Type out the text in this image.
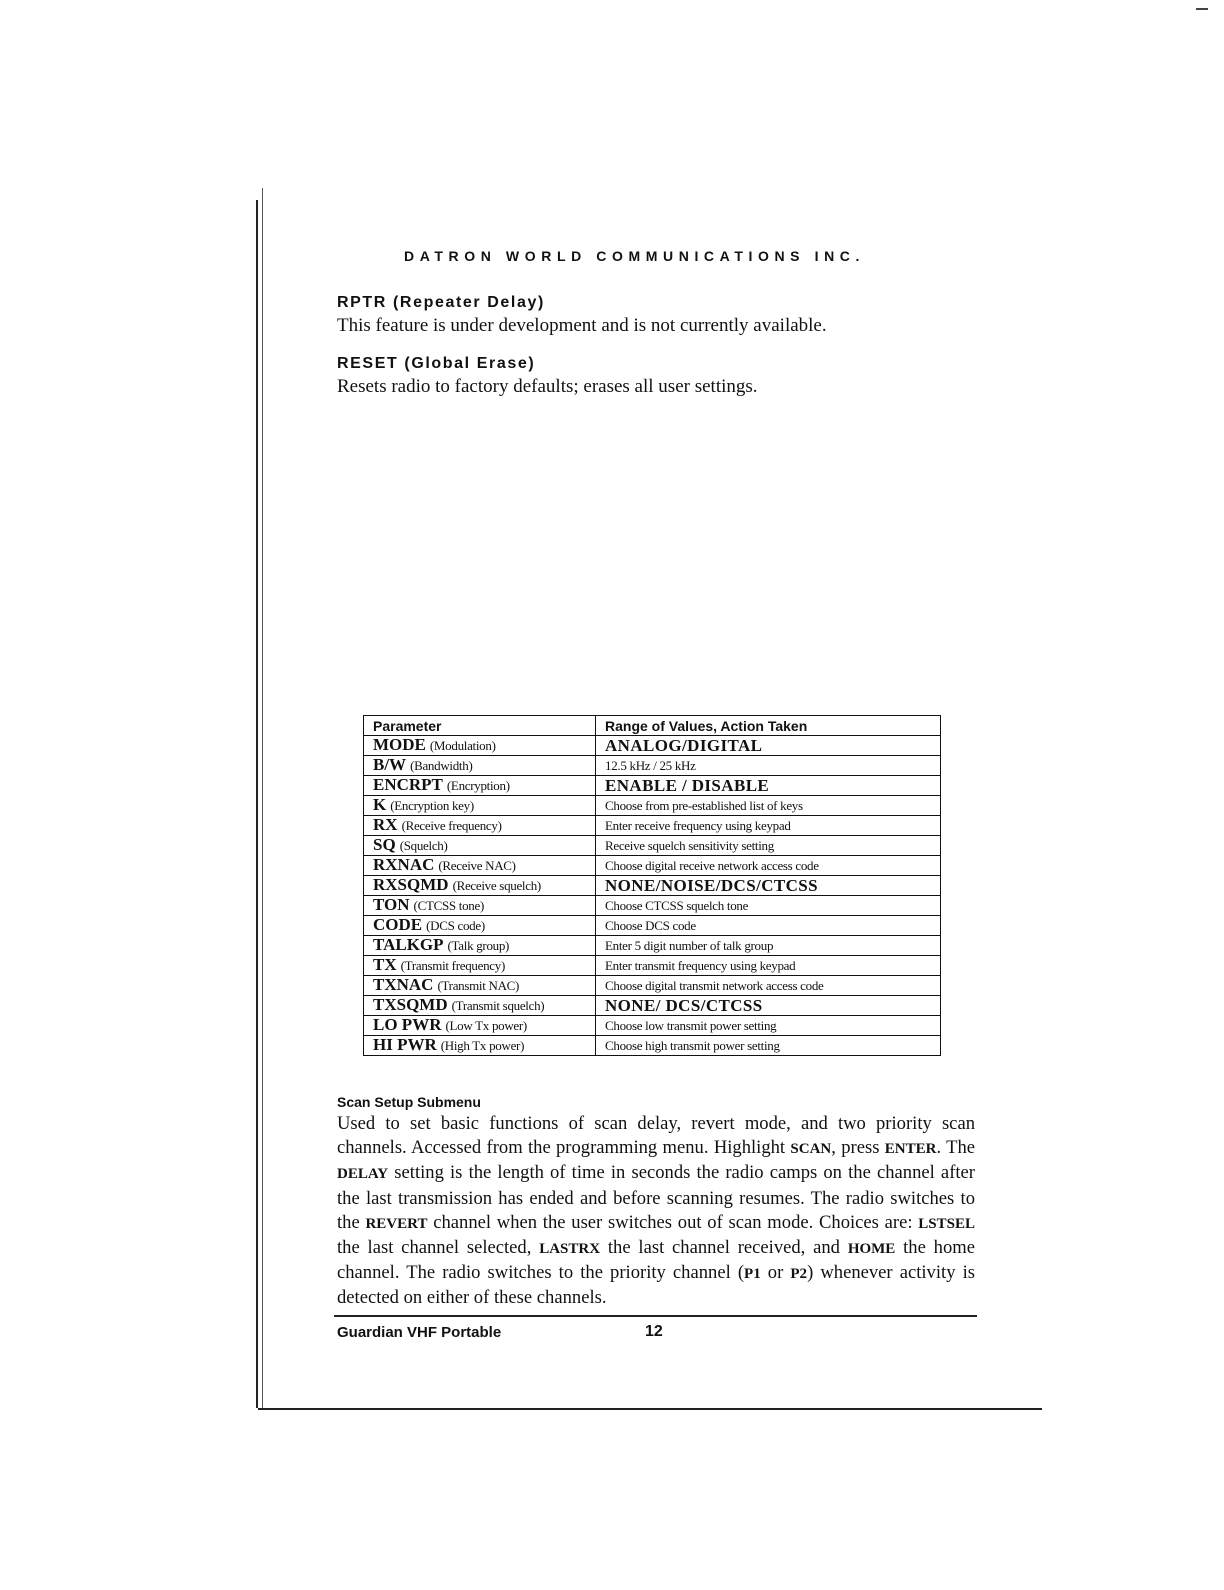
DATRON WORLD COMMUNICATIONS INC.
RPTR (Repeater Delay)
This feature is under development and is not currently available.
RESET (Global Erase)
Resets radio to factory defaults; erases all user settings.
Parameter	Range of Values, Action Taken
MODE (Modulation)	ANALOG/DIGITAL
B/W (Bandwidth)	12.5 kHz / 25 kHz
ENCRPT (Encryption)	ENABLE / DISABLE
K (Encryption key)	Choose from pre-established list of keys
RX (Receive frequency)	Enter receive frequency using keypad
SQ (Squelch)	Receive squelch sensitivity setting
RXNAC (Receive NAC)	Choose digital receive network access code
RXSQMD (Receive squelch)	NONE/NOISE/DCS/CTCSS
TON (CTCSS tone)	Choose CTCSS squelch tone
CODE (DCS code)	Choose DCS code
TALKGP (Talk group)	Enter 5 digit number of talk group
TX (Transmit frequency)	Enter transmit frequency using keypad
TXNAC (Transmit NAC)	Choose digital transmit network access code
TXSQMD (Transmit squelch)	NONE/ DCS/CTCSS
LO PWR (Low Tx power)	Choose low transmit power setting
HI PWR (High Tx power)	Choose high transmit power setting
Scan Setup Submenu

Used to set basic functions of scan delay, revert mode, and two priority scan channels. Accessed from the programming menu. Highlight SCAN, press ENTER. The DELAY setting is the length of time in seconds the radio camps on the channel after the last transmission has ended and before scanning resumes. The radio switches to the REVERT channel when the user switches out of scan mode. Choices are: LSTSEL the last channel selected, LASTRX the last channel received, and HOME the home channel. The radio switches to the priority channel (P1 or P2) whenever activity is detected on either of these channels.

Guardian VHF Portable	12
